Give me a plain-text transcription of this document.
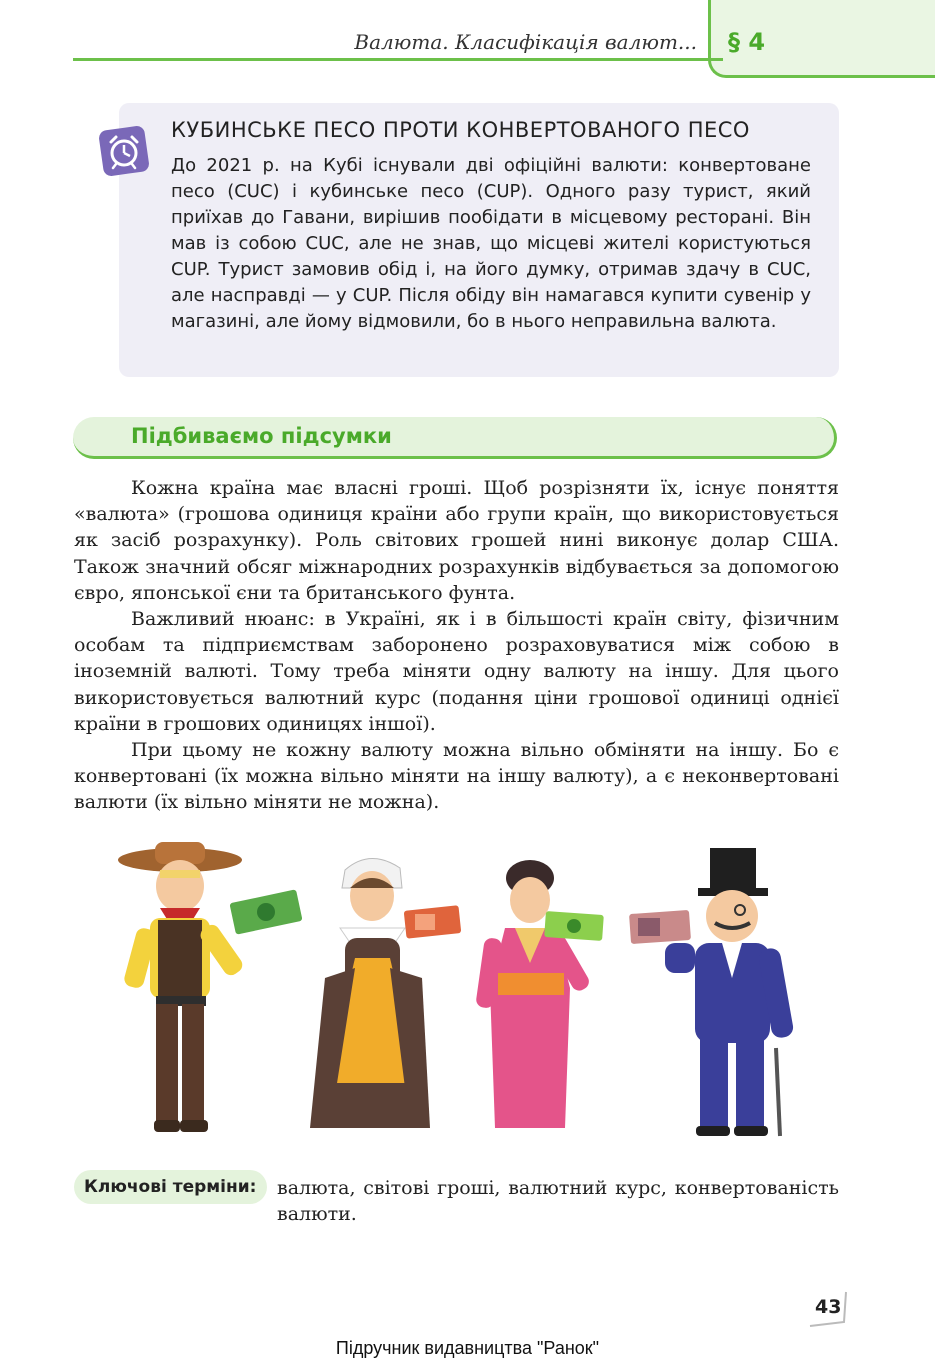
Валюта. Класифікація валют... § 4
КУБИНСЬКЕ ПЕСО ПРОТИ КОНВЕРТОВАНОГО ПЕСО
До 2021 р. на Кубі існували дві офіційні валюти: конвертоване песо (CUC) і кубинське песо (CUP). Одного разу турист, який приїхав до Гавани, вирішив пообідати в місцевому ресторані. Він мав із собою CUC, але не знав, що місцеві жителі користуються CUP. Турист замовив обід і, на його думку, отримав здачу в CUC, але насправді — у CUP. Після обіду він намагався купити сувенір у магазині, але йому відмовили, бо в нього неправильна валюта.
Підбиваємо підсумки

Кожна країна має власні гроші. Щоб розрізняти їх, існує поняття «валюта» (грошова одиниця країни або групи країн, що використовується як засіб розрахунку). Роль світових грошей нині виконує долар США. Також значний обсяг міжнародних розрахунків відбувається за допомогою євро, японської єни та британського фунта.

Важливий нюанс: в Україні, як і в більшості країн світу, фізичним особам та підприємствам заборонено розраховуватися між собою в іноземній валюті. Тому треба міняти одну валюту на іншу. Для цього використовується валютний курс (подання ціни грошової одиниці однієї країни в грошових одиницях іншої).

При цьому не кожну валюту можна вільно обміняти на іншу. Бо є конвертовані (їх можна вільно міняти на іншу валюту), а є неконвертовані валюти (їх вільно міняти не можна).

Ключові терміни: валюта, світові гроші, валютний курс, конвертованість валюти.
43
Підручник видавництва "Ранок"
